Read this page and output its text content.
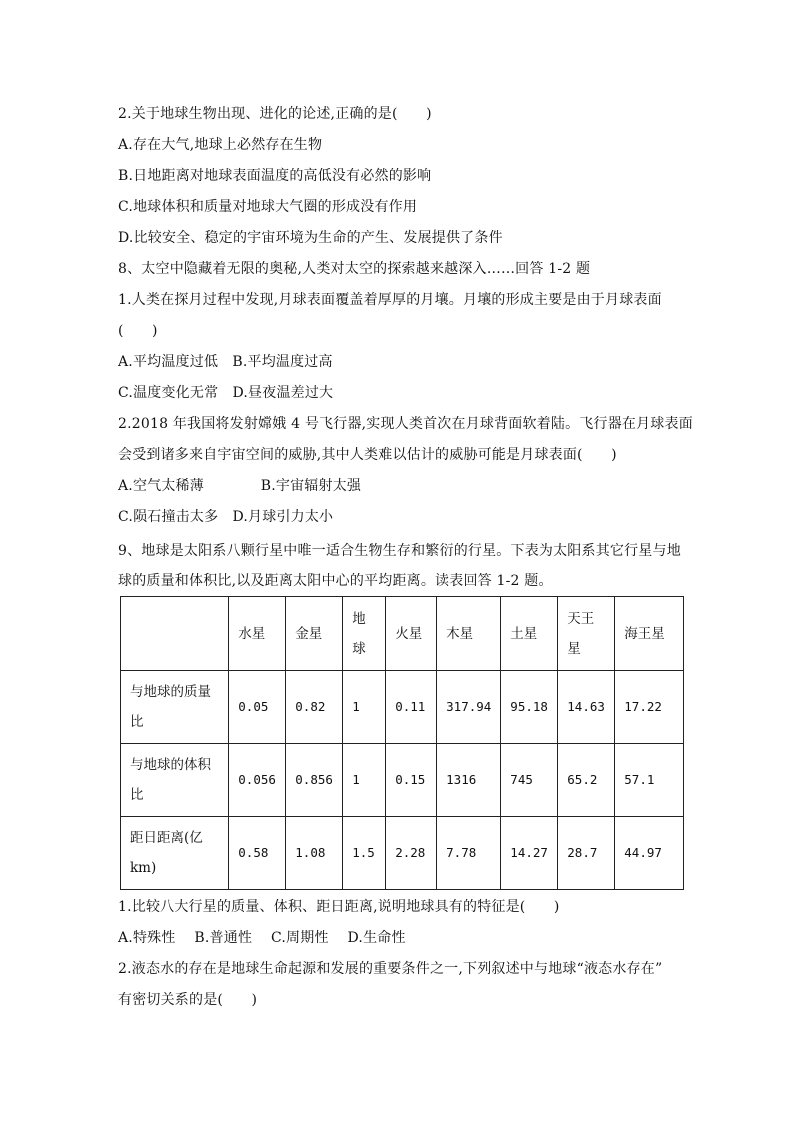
2.关于地球生物出现、进化的论述,正确的是(　　)
A.存在大气,地球上必然存在生物
B.日地距离对地球表面温度的高低没有必然的影响
C.地球体积和质量对地球大气圈的形成没有作用
D.比较安全、稳定的宇宙环境为生命的产生、发展提供了条件
8、太空中隐藏着无限的奥秘,人类对太空的探索越来越深入……回答 1-2 题
1.人类在探月过程中发现,月球表面覆盖着厚厚的月壤。月壤的形成主要是由于月球表面
(　　)
A.平均温度过低　B.平均温度过高
C.温度变化无常　D.昼夜温差过大
2.2018 年我国将发射嫦娥 4 号飞行器,实现人类首次在月球背面软着陆。飞行器在月球表面
会受到诸多来自宇宙空间的威胁,其中人类难以估计的威胁可能是月球表面(　　)
A.空气太稀薄　　　　B.宇宙辐射太强
C.陨石撞击太多　D.月球引力太小
9、地球是太阳系八颗行星中唯一适合生物生存和繁衍的行星。下表为太阳系其它行星与地
球的质量和体积比,以及距离太阳中心的平均距离。读表回答 1-2 题。
	水星	金星	地球	火星	木星	土星	天王星	海王星
与地球的质量比	0.05	0.82	1	0.11	317.94	95.18	14.63	17.22
与地球的体积比	0.056	0.856	1	0.15	1316	745	65.2	57.1
距日距离(亿km)	0.58	1.08	1.5	2.28	7.78	14.27	28.7	44.97
1.比较八大行星的质量、体积、距日距离,说明地球具有的特征是(　　)
A.特殊性　 B.普通性　 C.周期性　 D.生命性
2.液态水的存在是地球生命起源和发展的重要条件之一,下列叙述中与地球“液态水存在”
有密切关系的是(　　)
